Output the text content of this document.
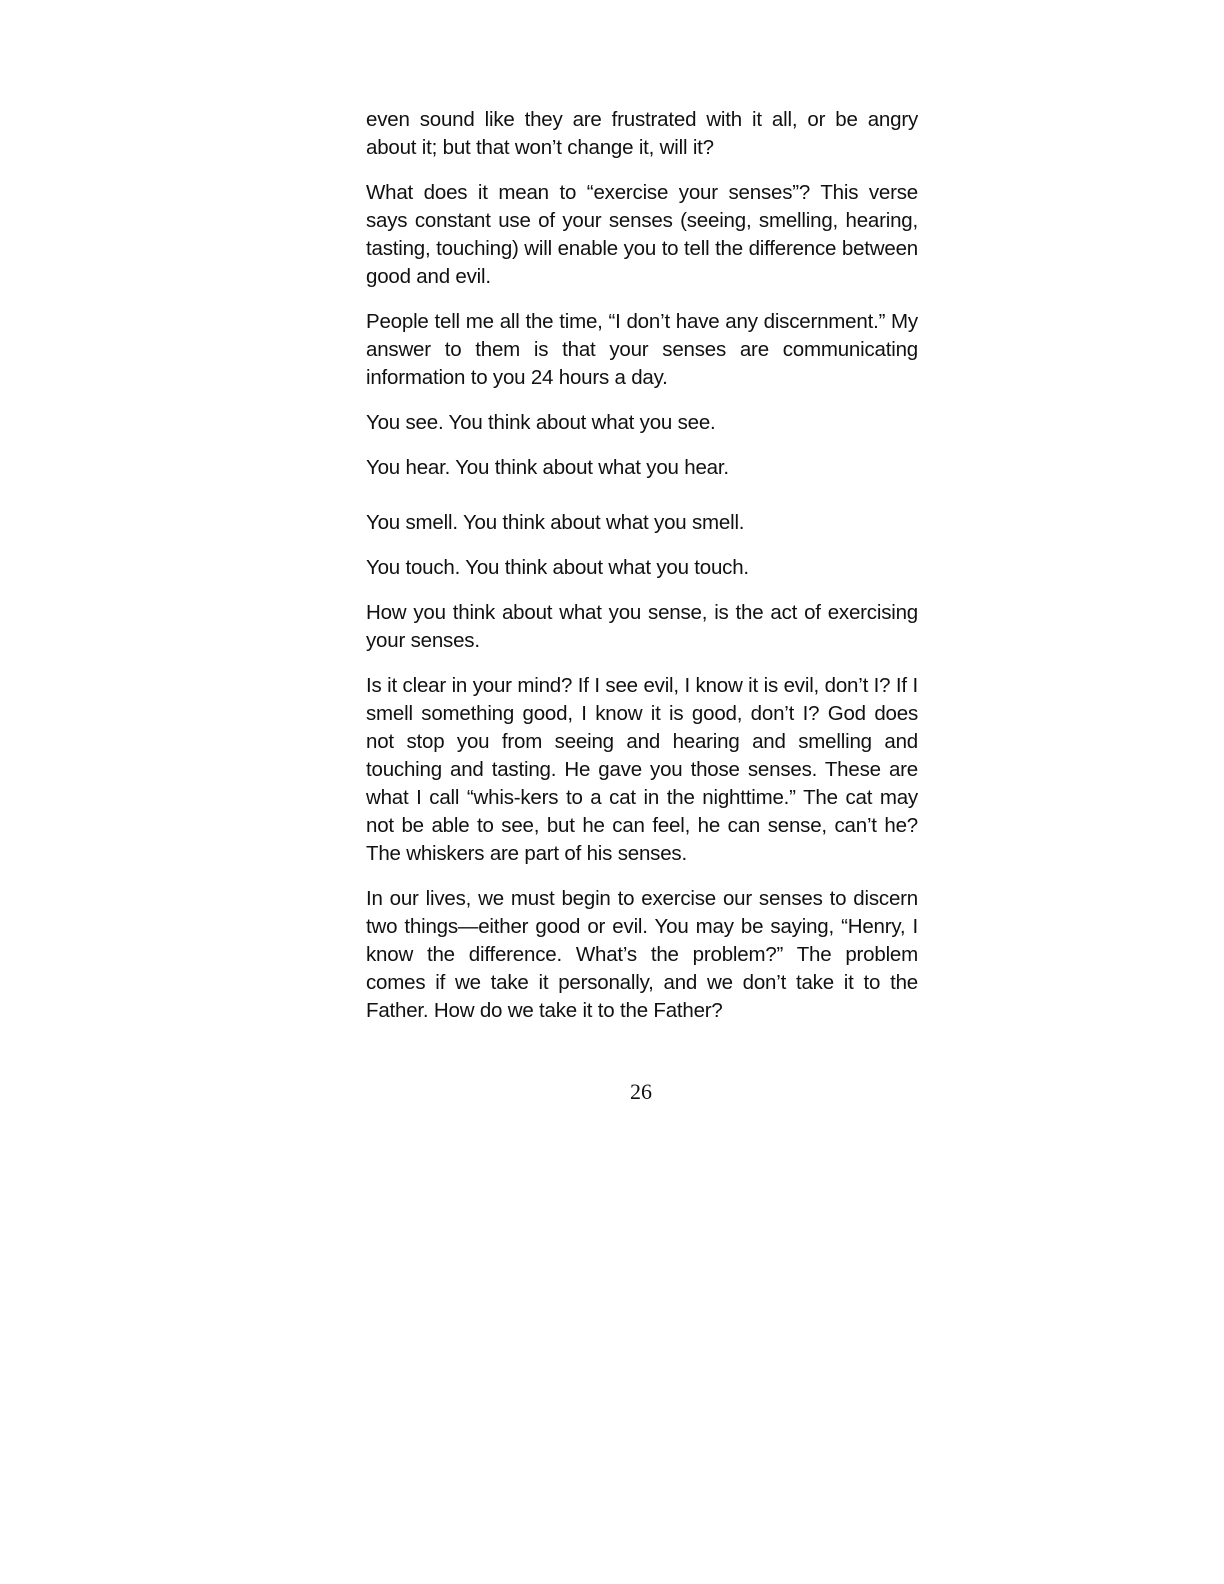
even sound like they are frustrated with it all, or be angry about it; but that won’t change it, will it?

What does it mean to “exercise your senses”? This verse says constant use of your senses (seeing, smelling, hearing, tasting, touching) will enable you to tell the difference between good and evil.

People tell me all the time, “I don’t have any discernment.” My answer to them is that your senses are communicating information to you 24 hours a day.

You see. You think about what you see.

You hear. You think about what you hear.

You smell. You think about what you smell.

You touch. You think about what you touch.

How you think about what you sense, is the act of exercising your senses.

Is it clear in your mind? If I see evil, I know it is evil, don’t I? If I smell something good, I know it is good, don’t I? God does not stop you from seeing and hearing and smelling and touching and tasting. He gave you those senses. These are what I call “whis-kers to a cat in the nighttime.” The cat may not be able to see, but he can feel, he can sense, can’t he? The whiskers are part of his senses.

In our lives, we must begin to exercise our senses to discern two things—either good or evil. You may be saying, “Henry, I know the difference. What’s the problem?” The problem comes if we take it personally, and we don’t take it to the Father. How do we take it to the Father?

26
